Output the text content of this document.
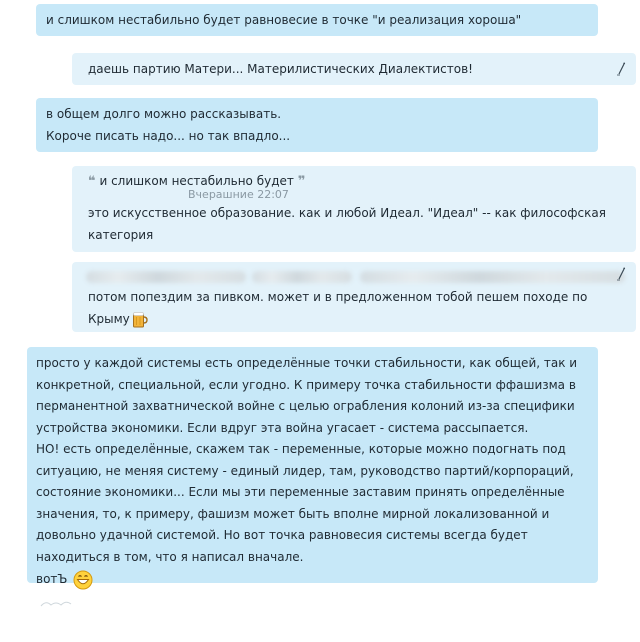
и слишком нестабильно будет равновесие в точке "и реализация хороша"

даешь партию Матери... Материлистических Диалектистов!

в общем долго можно рассказывать.
Короче писать надо... но так впадло...

❝ и слишком нестабильно будет ❞
Вчерашние 22:07

это искусственное образование. как и любой Идеал. "Идеал" -- как философская категория

потом попездим за пивком. может и в предложенном тобой пешем походе по Крыму

просто у каждой системы есть определённые точки стабильности, как общей, так и конкретной, специальной, если угодно. К примеру точка стабильности ффашизма в перманентной захватнической войне с целью ограбления колоний из-за специфики устройства экономики. Если вдруг эта война угасает - система рассыпается.
НО! есть определённые, скажем так - переменные, которые можно подогнать под ситуацию, не меняя систему - единый лидер, там, руководство партий/корпораций, состояние экономики... Если мы эти переменные заставим принять определённые значения, то, к примеру, фашизм может быть вполне мирной локализованной и довольно удачной системой. Но вот точка равновесия системы всегда будет находиться в том, что я написал вначале.

вотЪ
